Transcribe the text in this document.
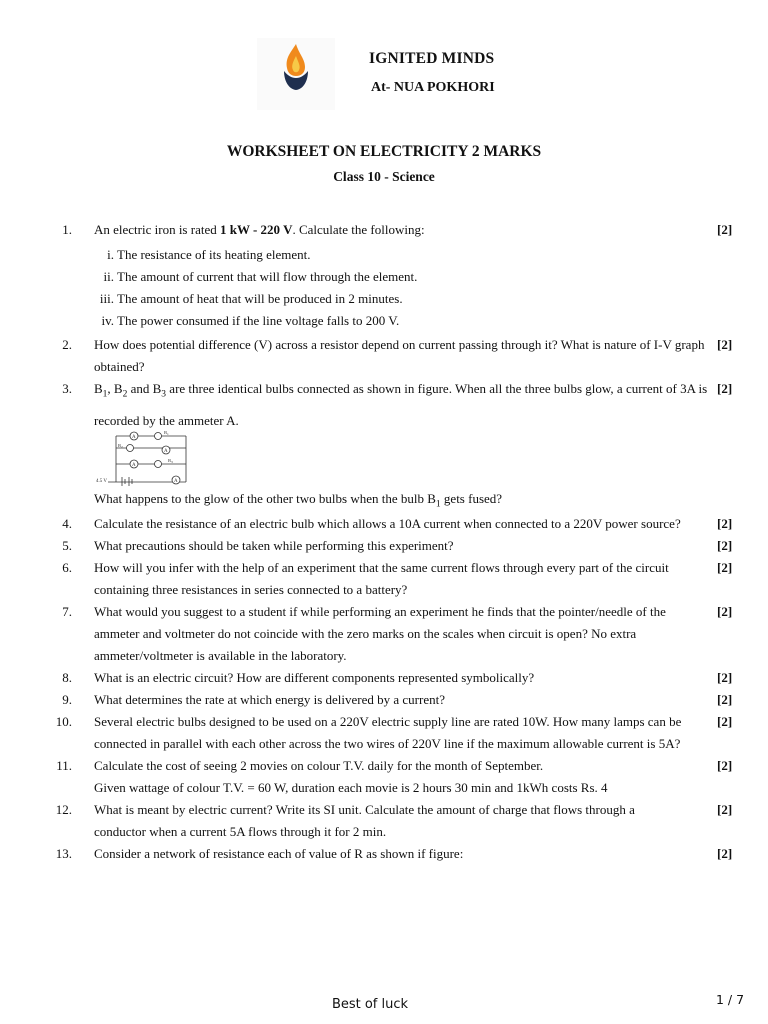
IGNITED MINDS
At- NUA POKHORI
WORKSHEET ON ELECTRICITY 2 MARKS
Class 10 - Science
1. An electric iron is rated 1 kW - 220 V. Calculate the following:	[2]
i. The resistance of its heating element.
ii. The amount of current that will flow through the element.
iii. The amount of heat that will be produced in 2 minutes.
iv. The power consumed if the line voltage falls to 200 V.
2. How does potential difference (V) across a resistor depend on current passing through it? What is nature of I-V graph obtained?
[2]
3. $B_1$, $B_2$ and $B_3$ are three identical bulbs connected as shown in figure. When all the three bulbs glow, a current of 3A is recorded by the ammeter A.
[2]
A
A
A
A
$B_1$
$B_2$
$B_3$
4.5 V
What happens to the glow of the other two bulbs when the bulb $B_1$ gets fused?
4. Calculate the resistance of an electric bulb which allows a 10A current when connected to a 220V power source?	[2]
5. What precautions should be taken while performing this experiment?	[2]
6. How will you infer with the help of an experiment that the same current flows through every part of the circuit containing three resistances in series connected to a battery?
[2]
7. What would you suggest to a student if while performing an experiment he finds that the pointer/needle of the ammeter and voltmeter do not coincide with the zero marks on the scales when circuit is open? No extra ammeter/voltmeter is available in the laboratory.
[2]
8. What is an electric circuit? How are different components represented symbolically?	[2]
9. What determines the rate at which energy is delivered by a current?	[2]
10. Several electric bulbs designed to be used on a 220V electric supply line are rated 10W. How many lamps can be connected in parallel with each other across the two wires of 220V line if the maximum allowable current is 5A?
[2]
11. Calculate the cost of seeing 2 movies on colour T.V. daily for the month of September.	[2]
Given wattage of colour T.V. = 60 W, duration each movie is 2 hours 30 min and 1kWh costs Rs. 4
12. What is meant by electric current? Write its SI unit. Calculate the amount of charge that flows through a conductor when a current 5A flows through it for 2 min.
[2]
13. Consider a network of resistance each of value of R as shown if figure:	[2]
Best of luck	1 / 7
